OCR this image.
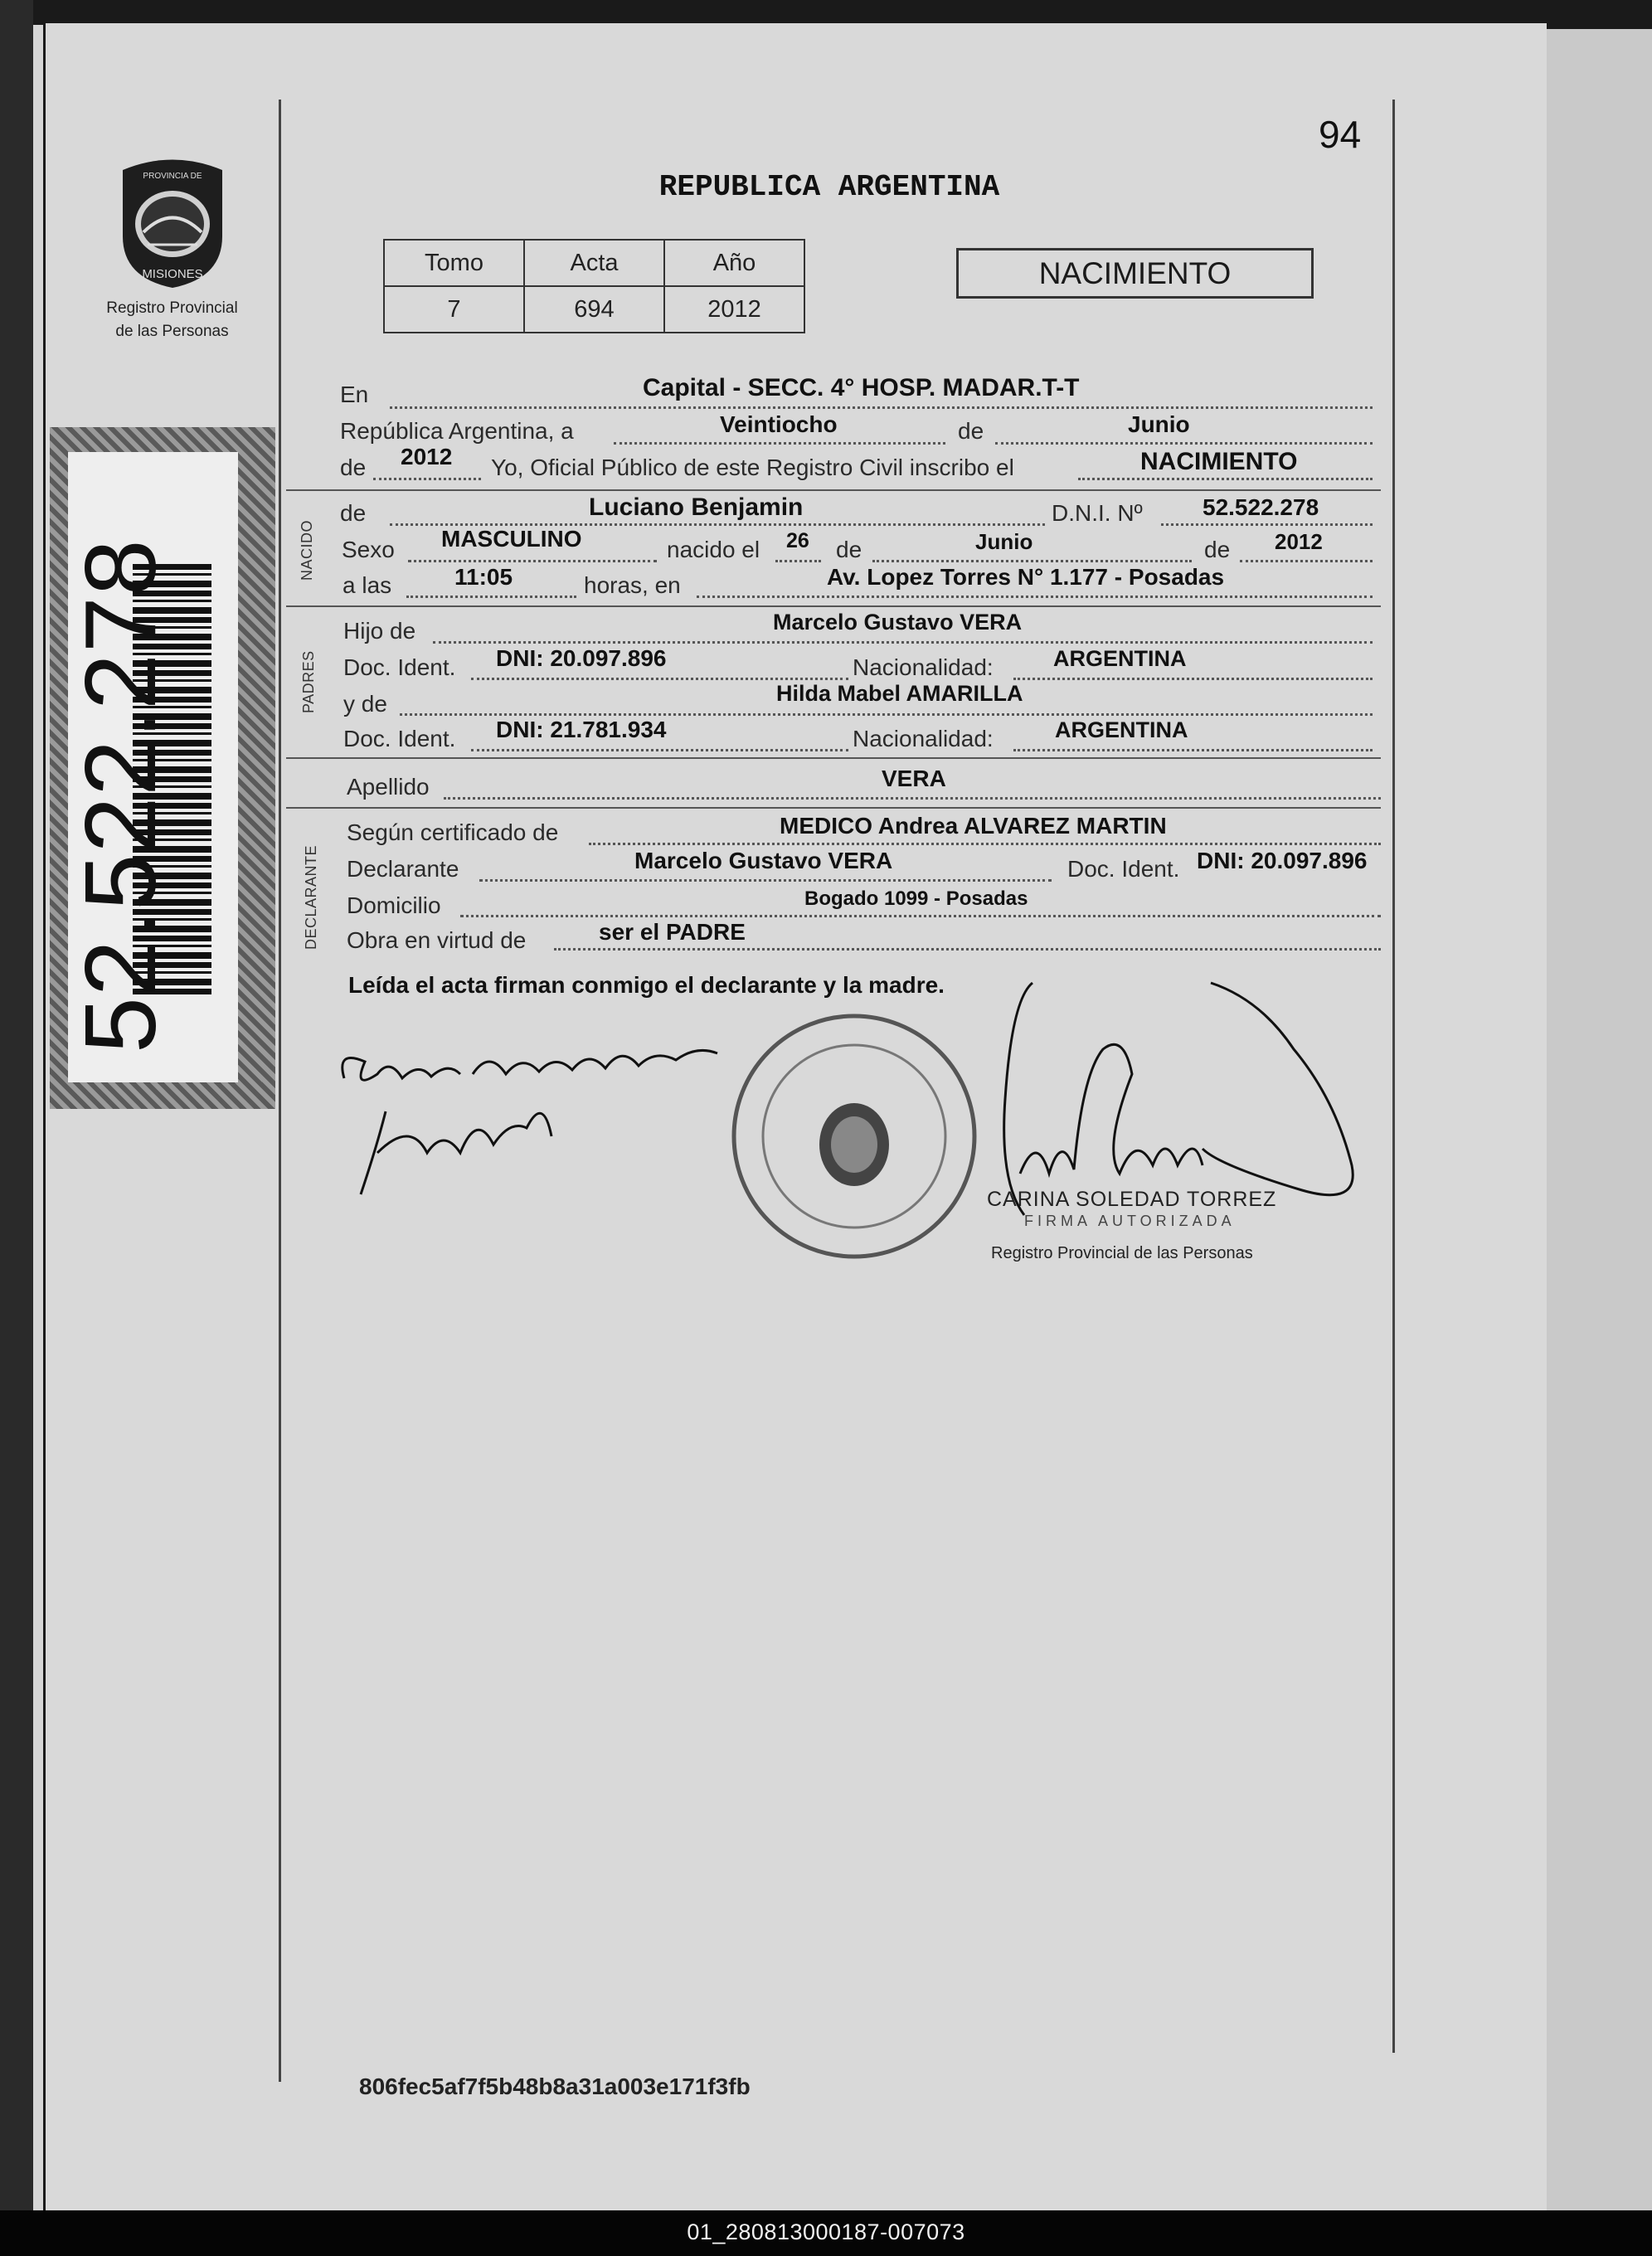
MISIONES
PROVINCIA DE
Registro Provincial
de las Personas
52.522.278
94
REPUBLICA ARGENTINA
Tomo	Acta	Año
7	694	2012
NACIMIENTO
En	Capital - SECC. 4° HOSP. MADAR.T-T
República Argentina, a	Veintiocho	de	Junio
de 2012 Yo, Oficial Público de este Registro Civil inscribo el	NACIMIENTO
NACIDO
de	Luciano Benjamin	D.N.I. Nº	52.522.278
Sexo MASCULINO	nacido el 26 de	Junio	de 2012
a las	11:05	horas, en	Av. Lopez Torres N° 1.177 - Posadas
PADRES
Hijo de	Marcelo Gustavo VERA
Doc. Ident. DNI: 20.097.896	Nacionalidad:	ARGENTINA
y de	Hilda Mabel AMARILLA
Doc. Ident. DNI: 21.781.934	Nacionalidad:	ARGENTINA
Apellido	VERA
DECLARANTE
Según certificado de	MEDICO Andrea ALVAREZ MARTIN
Declarante	Marcelo Gustavo VERA	Doc. Ident. DNI: 20.097.896
Domicilio	Bogado 1099 - Posadas
Obra en virtud de	ser el PADRE
Leída el acta firman conmigo el declarante y la madre.
CARINA SOLEDAD TORREZ
FIRMA AUTORIZADA
Registro Provincial de las Personas
806fec5af7f5b48b8a31a003e171f3fb
01_280813000187-007073
